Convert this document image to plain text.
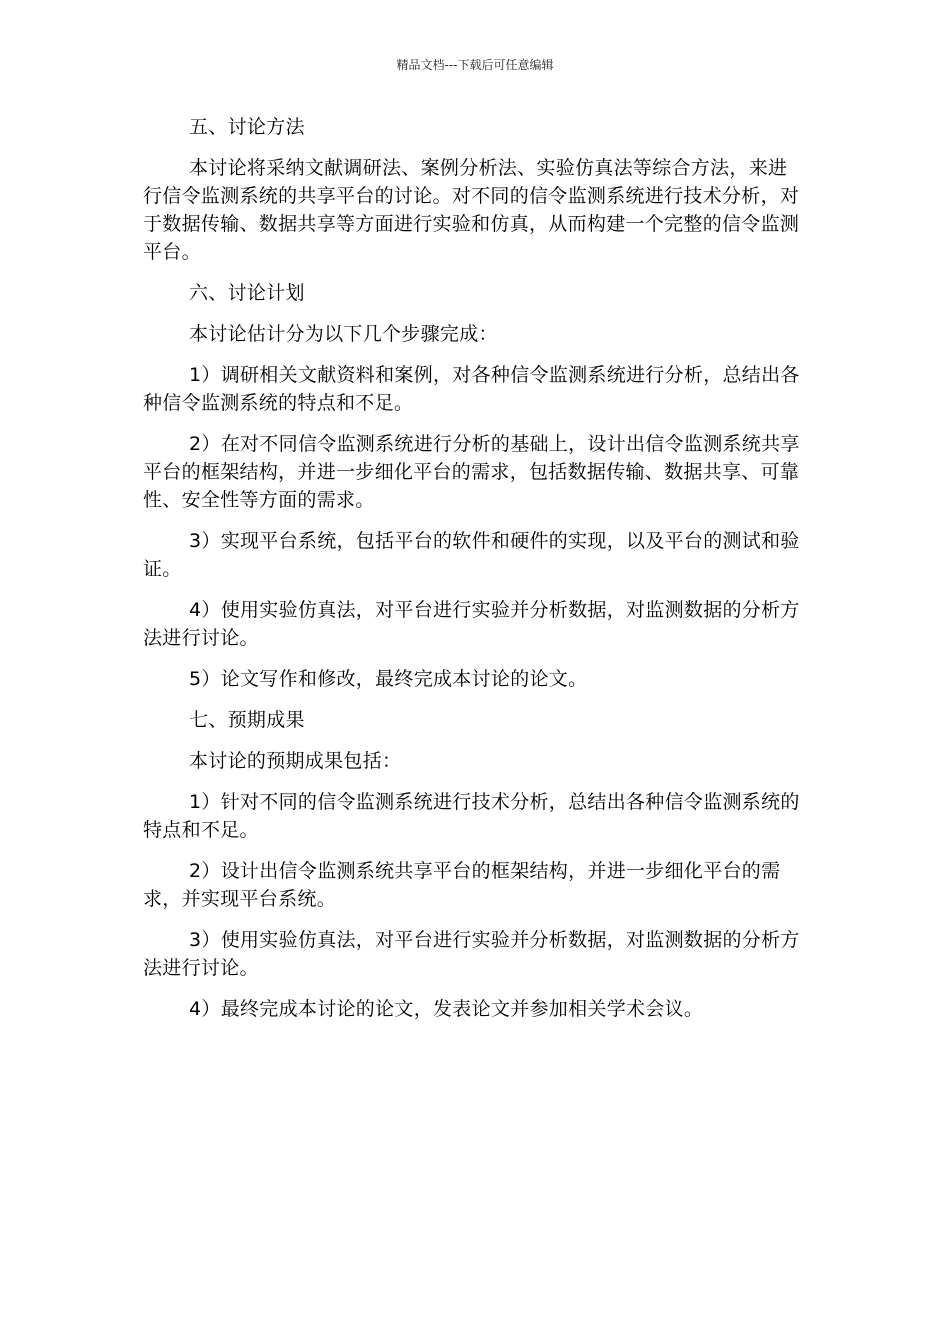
精品文档---下载后可任意编辑

五、讨论方法

本讨论将采纳文献调研法、案例分析法、实验仿真法等综合方法，来进行信令监测系统的共享平台的讨论。对不同的信令监测系统进行技术分析，对于数据传输、数据共享等方面进行实验和仿真，从而构建一个完整的信令监测平台。

六、讨论计划

本讨论估计分为以下几个步骤完成：

1）调研相关文献资料和案例，对各种信令监测系统进行分析，总结出各种信令监测系统的特点和不足。

2）在对不同信令监测系统进行分析的基础上，设计出信令监测系统共享平台的框架结构，并进一步细化平台的需求，包括数据传输、数据共享、可靠性、安全性等方面的需求。

3）实现平台系统，包括平台的软件和硬件的实现，以及平台的测试和验证。

4）使用实验仿真法，对平台进行实验并分析数据，对监测数据的分析方法进行讨论。

5）论文写作和修改，最终完成本讨论的论文。

七、预期成果

本讨论的预期成果包括：

1）针对不同的信令监测系统进行技术分析，总结出各种信令监测系统的特点和不足。

2）设计出信令监测系统共享平台的框架结构，并进一步细化平台的需求，并实现平台系统。

3）使用实验仿真法，对平台进行实验并分析数据，对监测数据的分析方法进行讨论。

4）最终完成本讨论的论文，发表论文并参加相关学术会议。
